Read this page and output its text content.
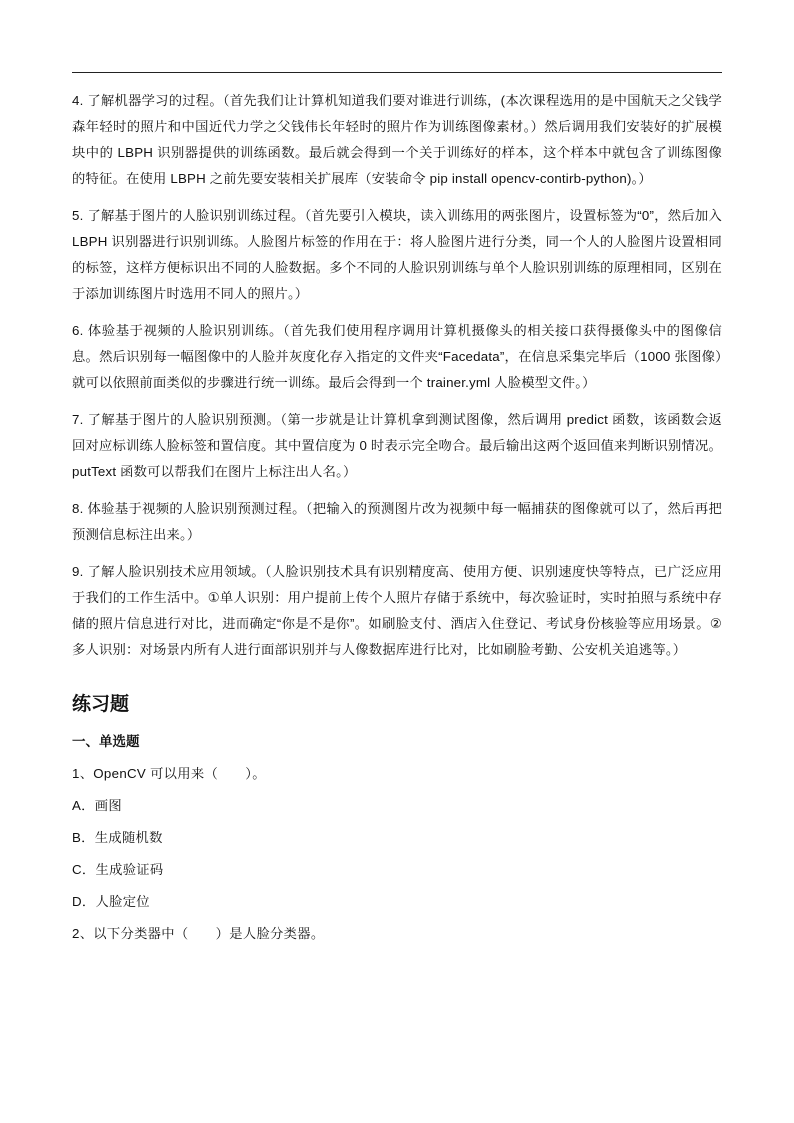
4. 了解机器学习的过程。（首先我们让计算机知道我们要对谁进行训练，(本次课程选用的是中国航天之父钱学森年轻时的照片和中国近代力学之父钱伟长年轻时的照片作为训练图像素材。）然后调用我们安装好的扩展模块中的 LBPH 识别器提供的训练函数。最后就会得到一个关于训练好的样本，这个样本中就包含了训练图像的特征。在使用 LBPH 之前先要安装相关扩展库（安装命令 pip install opencv-contirb-python)。）

5. 了解基于图片的人脸识别训练过程。（首先要引入模块，读入训练用的两张图片，设置标签为“0”，然后加入 LBPH 识别器进行识别训练。人脸图片标签的作用在于：将人脸图片进行分类，同一个人的人脸图片设置相同的标签，这样方便标识出不同的人脸数据。多个不同的人脸识别训练与单个人脸识别训练的原理相同，区别在于添加训练图片时选用不同人的照片。）

6. 体验基于视频的人脸识别训练。（首先我们使用程序调用计算机摄像头的相关接口获得摄像头中的图像信息。然后识别每一幅图像中的人脸并灰度化存入指定的文件夹“Facedata”，在信息采集完毕后（1000 张图像）就可以依照前面类似的步骤进行统一训练。最后会得到一个 trainer.yml 人脸模型文件。）

7. 了解基于图片的人脸识别预测。（第一步就是让计算机拿到测试图像，然后调用 predict 函数，该函数会返回对应标训练人脸标签和置信度。其中置信度为 0 时表示完全吻合。最后输出这两个返回值来判断识别情况。putText 函数可以帮我们在图片上标注出人名。）

8. 体验基于视频的人脸识别预测过程。（把输入的预测图片改为视频中每一幅捕获的图像就可以了，然后再把预测信息标注出来。）

9. 了解人脸识别技术应用领域。（人脸识别技术具有识别精度高、使用方便、识别速度快等特点，已广泛应用于我们的工作生活中。①单人识别：用户提前上传个人照片存储于系统中，每次验证时，实时拍照与系统中存储的照片信息进行对比，进而确定“你是不是你”。如刷脸支付、酒店入住登记、考试身份核验等应用场景。②多人识别：对场景内所有人进行面部识别并与人像数据库进行比对，比如刷脸考勤、公安机关追逃等。）

练习题
一、单选题
1、OpenCV 可以用来（　　）。
A．画图
B．生成随机数
C．生成验证码
D．人脸定位
2、以下分类器中（　　）是人脸分类器。
